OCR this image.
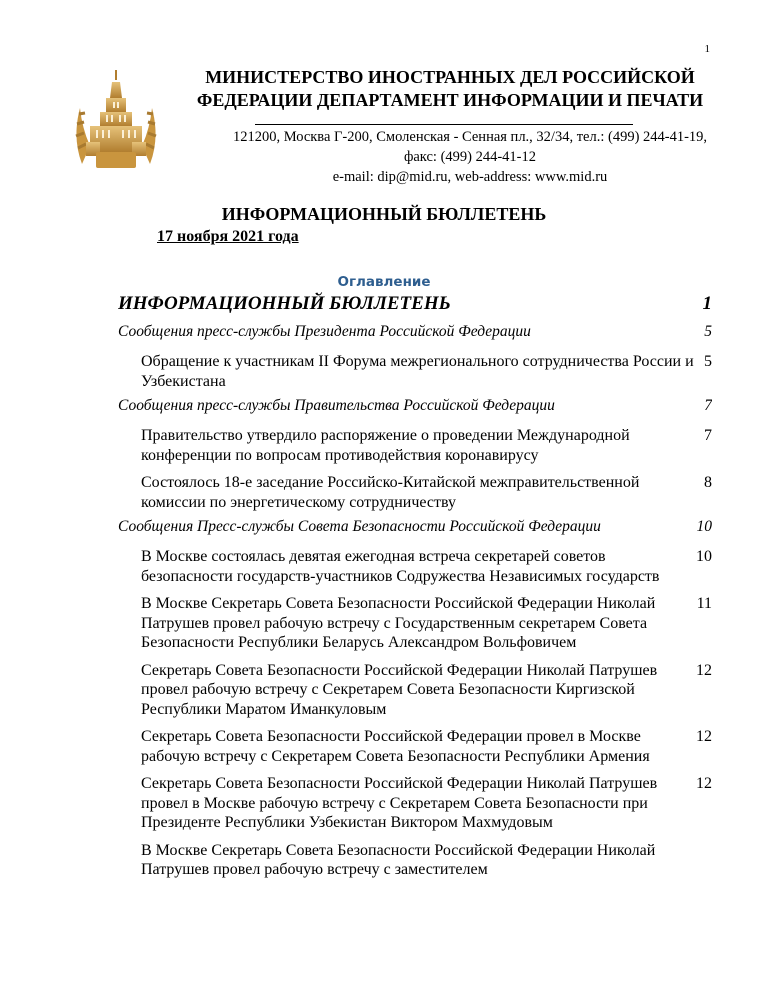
1
МИНИСТЕРСТВО ИНОСТРАННЫХ ДЕЛ РОССИЙСКОЙ
ФЕДЕРАЦИИ ДЕПАРТАМЕНТ ИНФОРМАЦИИ И ПЕЧАТИ
121200, Москва Г-200, Смоленская - Сенная пл., 32/34, тел.: (499) 244-41-19,
факс: (499) 244-41-12
e-mail: dip@mid.ru, web-address: www.mid.ru
ИНФОРМАЦИОННЫЙ БЮЛЛЕТЕНЬ
17 ноября 2021 года
Оглавление
1
ИНФОРМАЦИОННЫЙ БЮЛЛЕТЕНЬ
5
Сообщения пресс-службы Президента Российской Федерации
5
Обращение к участникам II Форума межрегионального сотрудничества России и Узбекистана
7
Сообщения пресс-службы Правительства Российской Федерации
7
Правительство утвердило распоряжение о проведении Международной конференции по вопросам противодействия коронавирусу
8
Состоялось 18-е заседание Российско-Китайской межправительственной комиссии по энергетическому сотрудничеству
10
Сообщения Пресс-службы Совета Безопасности Российской Федерации
10
В Москве состоялась девятая ежегодная встреча секретарей советов безопасности государств-участников Содружества Независимых государств
11
В Москве Секретарь Совета Безопасности Российской Федерации Николай Патрушев провел рабочую встречу с Государственным секретарем Совета Безопасности Республики Беларусь Александром Вольфовичем
12
Секретарь Совета Безопасности Российской Федерации Николай Патрушев провел рабочую встречу с Секретарем Совета Безопасности Киргизской Республики Маратом Иманкуловым
12
Секретарь Совета Безопасности Российской Федерации провел в Москве рабочую встречу с Секретарем Совета Безопасности Республики Армения
12
Секретарь Совета Безопасности Российской Федерации Николай Патрушев провел в Москве рабочую встречу с Секретарем Совета Безопасности при Президенте Республики Узбекистан Виктором Махмудовым
В Москве Секретарь Совета Безопасности Российской Федерации Николай Патрушев провел рабочую встречу с заместителем
